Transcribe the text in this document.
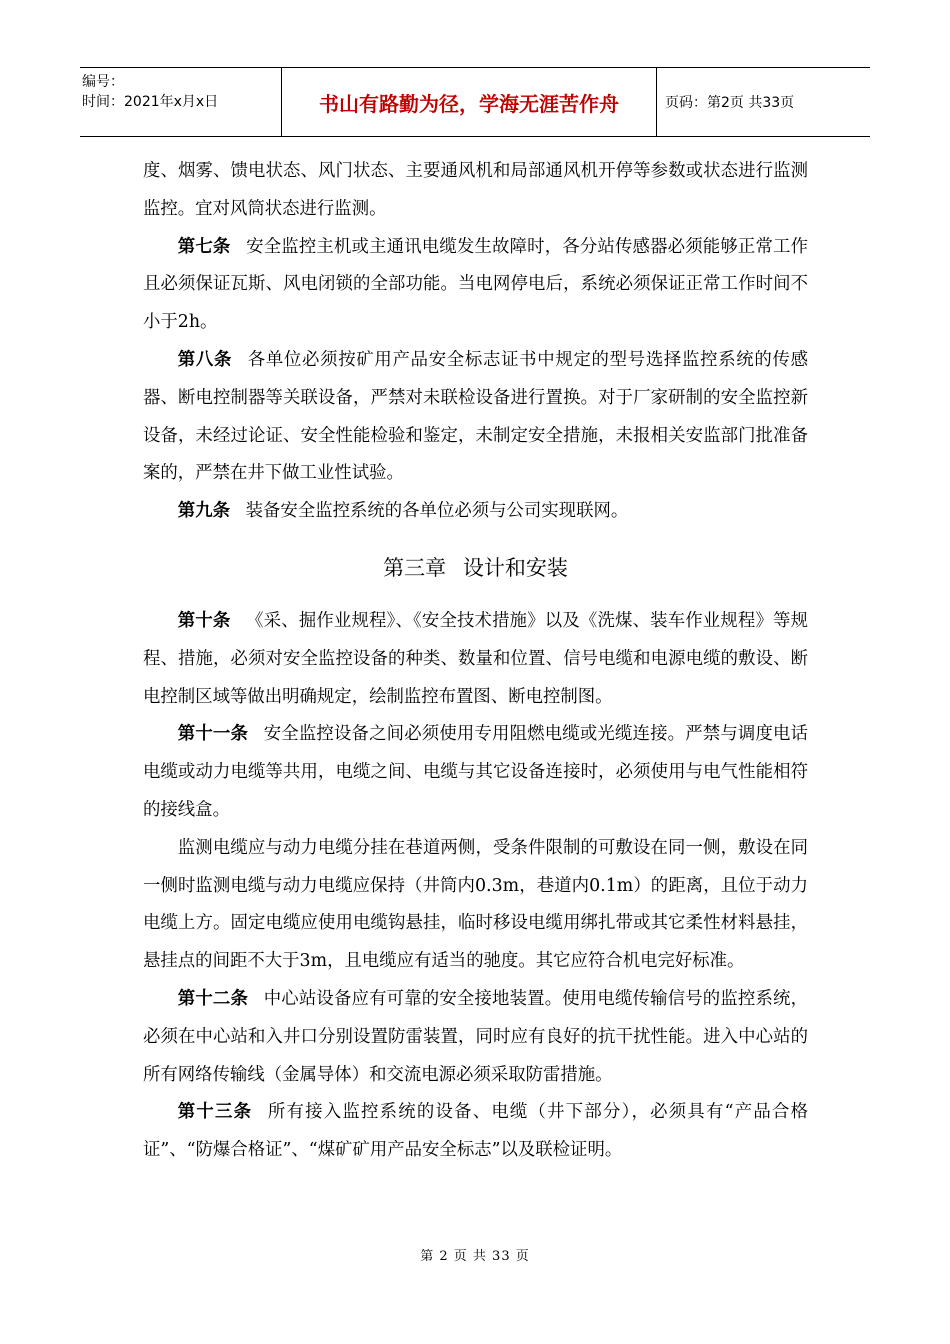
编号：
时间：2021年x月x日	书山有路勤为径，学海无涯苦作舟	页码：第2页 共33页

度、烟雾、馈电状态、风门状态、主要通风机和局部通风机开停等参数或状态进行监测监控。宜对风筒状态进行监测。

第七条 安全监控主机或主通讯电缆发生故障时，各分站传感器必须能够正常工作且必须保证瓦斯、风电闭锁的全部功能。当电网停电后，系统必须保证正常工作时间不小于2h。

第八条 各单位必须按矿用产品安全标志证书中规定的型号选择监控系统的传感器、断电控制器等关联设备，严禁对未联检设备进行置换。对于厂家研制的安全监控新设备，未经过论证、安全性能检验和鉴定，未制定安全措施，未报相关安监部门批准备案的，严禁在井下做工业性试验。

第九条 装备安全监控系统的各单位必须与公司实现联网。

第三章 设计和安装

第十条 《采、掘作业规程》、《安全技术措施》以及《洗煤、装车作业规程》等规程、措施，必须对安全监控设备的种类、数量和位置、信号电缆和电源电缆的敷设、断电控制区域等做出明确规定，绘制监控布置图、断电控制图。

第十一条 安全监控设备之间必须使用专用阻燃电缆或光缆连接。严禁与调度电话电缆或动力电缆等共用，电缆之间、电缆与其它设备连接时，必须使用与电气性能相符的接线盒。

监测电缆应与动力电缆分挂在巷道两侧，受条件限制的可敷设在同一侧，敷设在同一侧时监测电缆与动力电缆应保持（井筒内0.3m，巷道内0.1m）的距离，且位于动力电缆上方。固定电缆应使用电缆钩悬挂，临时移设电缆用绑扎带或其它柔性材料悬挂，悬挂点的间距不大于3m，且电缆应有适当的驰度。其它应符合机电完好标准。

第十二条 中心站设备应有可靠的安全接地装置。使用电缆传输信号的监控系统，必须在中心站和入井口分别设置防雷装置，同时应有良好的抗干扰性能。进入中心站的所有网络传输线（金属导体）和交流电源必须采取防雷措施。

第十三条 所有接入监控系统的设备、电缆（井下部分），必须具有“产品合格证”、“防爆合格证”、“煤矿矿用产品安全标志”以及联检证明。

第 2 页 共 33 页
